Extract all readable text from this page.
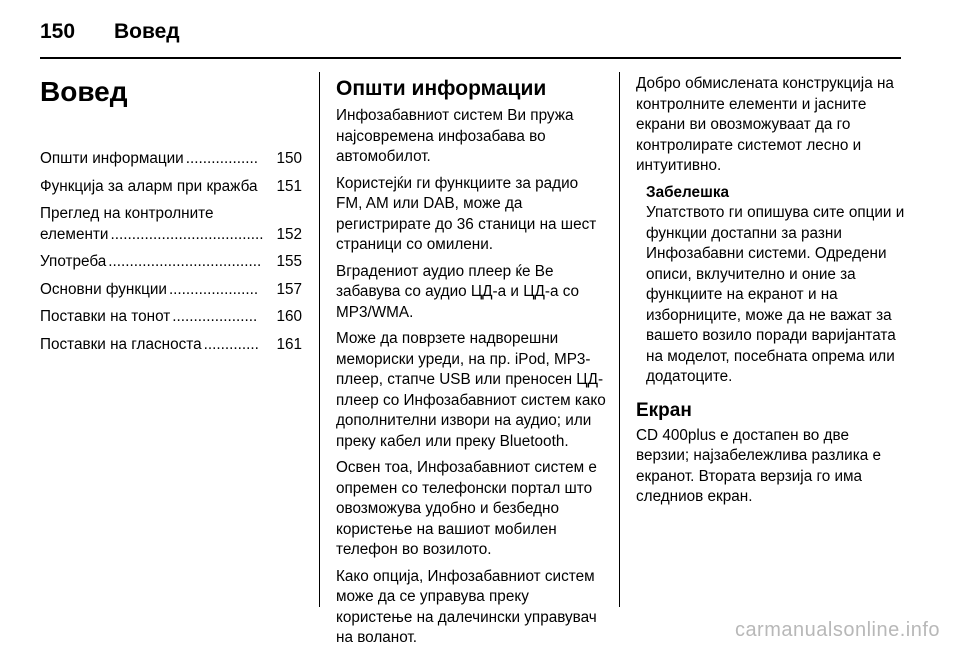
150 Вовед
Вовед
Општи информации .................	150
Функција за аларм при кражба 151
Преглед на контролните
елементи .................................... 152
Употреба .................................... 155
Основни функции .....................	157
Поставки на тонот ....................	160
Поставки на гласноста .............	161
Општи информации

Инфозабавниот систем Ви пружа најсовремена инфозабава во автомобилот.

Користејќи ги функциите за радио FM, AM или DAB, може да регистрирате до 36 станици на шест страници со омилени.

Вградениот аудио плеер ќе Ве забавува со аудио ЦД-а и ЦД-а со MP3/WMA.

Може да поврзете надворешни мемориски уреди, на пр. iPod, MP3-плеер, стапче USB или преносен ЦД-плеер со Инфозабавниот систем како дополнителни извори на аудио; или преку кабел или преку Bluetooth.

Освен тоа, Инфозабавниот систем е опремен со телефонски портал што овозможува удобно и безбедно користење на вашиот мобилен телефон во возилото.

Како опција, Инфозабавниот систем може да се управува преку користење на далечински управувач на воланот.

Добро обмислената конструкција на контролните елементи и јасните екрани ви овозможуваат да го контролирате системот лесно и интуитивно.

Забелешка
Упатството ги опишува сите опции и функции достапни за разни Инфозабавни системи. Одредени описи, вклучително и оние за функциите на екранот и на изборниците, може да не важат за вашето возило поради варијантата на моделот, посебната опрема или додатоците.
Екран

CD 400plus е достапен во две верзии; најзабележлива разлика е екранот. Втората верзија го има следниов екран.

carmanualsonline.info
